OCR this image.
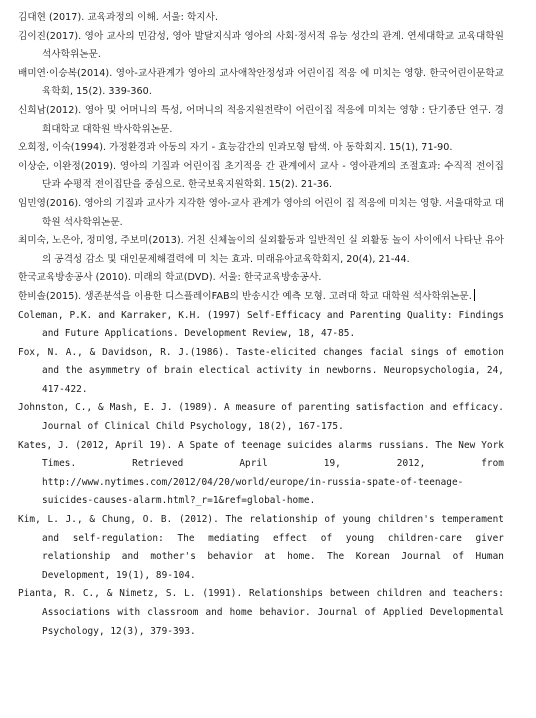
김대현 (2017). 교육과정의 이해. 서울: 학지사.

김이진(2017). 영아 교사의 민감성, 영아 발달지식과 영아의 사회·정서적 유능 성간의 관계. 연세대학교 교육대학원 석사학위논문.

배미연·이승복(2014). 영아-교사관계가 영아의 교사애착안정성과 어린이집 적응 에 미치는 영향. 한국어린이문학교육학회, 15(2). 339-360.

신희남(2012). 영아 및 어머니의 특성, 어머니의 적응지원전략이 어린이집 적응에 미치는 영향 : 단기종단 연구. 경희대학교 대학원 박사학위논문.

오희정, 이숙(1994). 가정환경과 아동의 자기 - 효능감간의 인과모형 탐색. 아 동학회지. 15(1), 71-90.

이상순, 이완정(2019). 영아의 기질과 어린이집 초기적응 간 관계에서 교사 - 영아관계의 조절효과: 수직적 전이집단과 수평적 전이집단을 중심으로. 한국보육지원학회. 15(2). 21-36.

임민영(2016). 영아의 기질과 교사가 지각한 영아-교사 관계가 영아의 어린이 집 적응에 미치는 영향. 서울대학교 대학원 석사학위논문.

최미숙, 노은아, 정미영, 주보미(2013). 거친 신체놀이의 실외활동과 일반적인 실 외활동 놀이 사이에서 나타난 유아의 공격성 감소 및 대인문제해결력에 미 치는 효과. 미래유아교육학회지, 20(4), 21-44.

한국교육방송공사 (2010). 미래의 학교(DVD). 서울: 한국교육방송공사.

한비솔(2015). 생존분석을 이용한 디스플레이FAB의 반송시간 예측 모형. 고려대 학교 대학원 석사학위논문.

Coleman, P.K. and Karraker, K.H. (1997) Self-Efficacy and Parenting Quality: Findings and Future Applications. Development Review, 18, 47-85.

Fox, N. A., & Davidson, R. J.(1986). Taste-elicited changes facial sings of emotion and the asymmetry of brain electical activity in newborns. Neuropsychologia, 24, 417-422.

Johnston, C., & Mash, E. J. (1989). A measure of parenting satisfaction and efficacy. Journal of Clinical Child Psychology, 18(2), 167-175.

Kates, J. (2012, April 19). A Spate of teenage suicides alarms russians. The New York Times. Retrieved April 19, 2012, from http://www.nytimes.com/2012/04/20/world/europe/in-russia-spate-of-teenage-suicides-causes-alarm.html?_r=1&ref=global-home.

Kim, L. J., & Chung, O. B. (2012). The relationship of young children's temperament and self-regulation: The mediating effect of young children-care giver relationship and mother's behavior at home. The Korean Journal of Human Development, 19(1), 89-104.

Pianta, R. C., & Nimetz, S. L. (1991). Relationships between children and teachers: Associations with classroom and home behavior. Journal of Applied Developmental Psychology, 12(3), 379-393.
